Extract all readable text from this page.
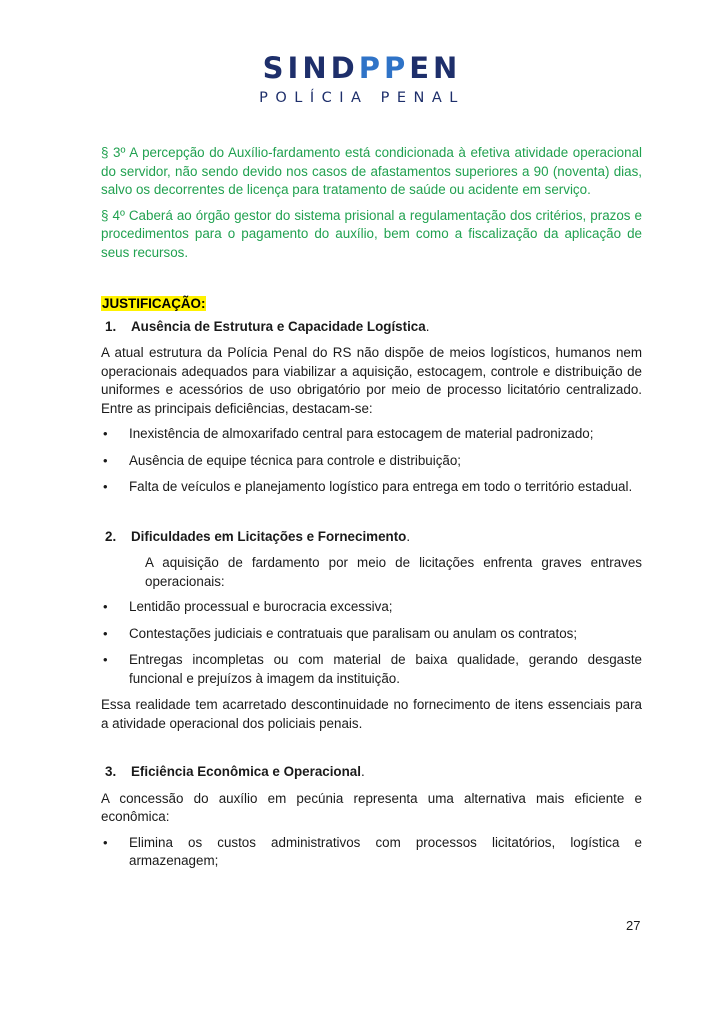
SINDPPEN
POLÍCIA PENAL

§ 3º A percepção do Auxílio-fardamento está condicionada à efetiva atividade operacional do servidor, não sendo devido nos casos de afastamentos superiores a 90 (noventa) dias, salvo os decorrentes de licença para tratamento de saúde ou acidente em serviço.

§ 4º Caberá ao órgão gestor do sistema prisional a regulamentação dos critérios, prazos e procedimentos para o pagamento do auxílio, bem como a fiscalização da aplicação de seus recursos.

JUSTIFICAÇÃO:
1.	Ausência de Estrutura e Capacidade Logística.

A atual estrutura da Polícia Penal do RS não dispõe de meios logísticos, humanos nem operacionais adequados para viabilizar a aquisição, estocagem, controle e distribuição de uniformes e acessórios de uso obrigatório por meio de processo licitatório centralizado. Entre as principais deficiências, destacam-se:

•	Inexistência de almoxarifado central para estocagem de material padronizado;
•	Ausência de equipe técnica para controle e distribuição;
•	Falta de veículos e planejamento logístico para entrega em todo o território estadual.
2.	Dificuldades em Licitações e Fornecimento.

A aquisição de fardamento por meio de licitações enfrenta graves entraves operacionais:

•	Lentidão processual e burocracia excessiva;
•	Contestações judiciais e contratuais que paralisam ou anulam os contratos;
•	Entregas incompletas ou com material de baixa qualidade, gerando desgaste funcional e prejuízos à imagem da instituição.

Essa realidade tem acarretado descontinuidade no fornecimento de itens essenciais para a atividade operacional dos policiais penais.

3.	Eficiência Econômica e Operacional.

A concessão do auxílio em pecúnia representa uma alternativa mais eficiente e econômica:

•	Elimina os custos administrativos com processos licitatórios, logística e armazenagem;
27
